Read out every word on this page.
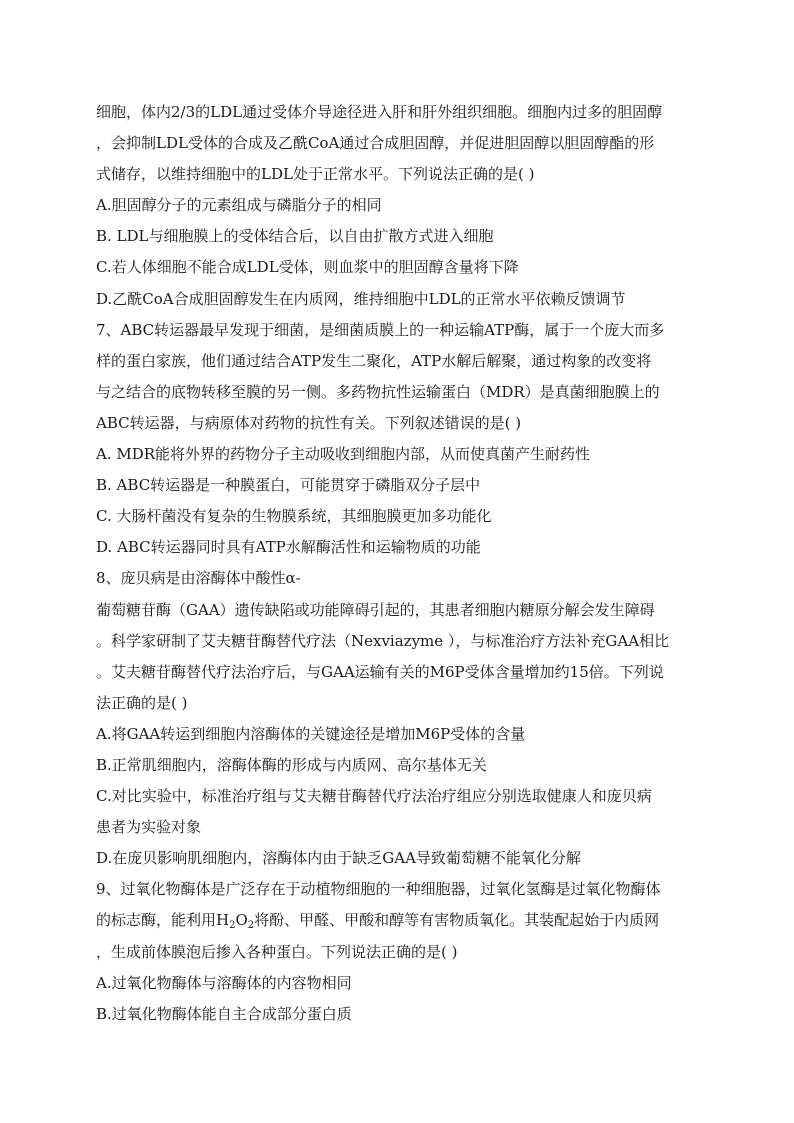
细胞，体内2/3的LDL通过受体介导途径进入肝和肝外组织细胞。细胞内过多的胆固醇
，会抑制LDL受体的合成及乙酰CoA通过合成胆固醇，并促进胆固醇以胆固醇酯的形
式储存，以维持细胞中的LDL处于正常水平。下列说法正确的是( )
A.胆固醇分子的元素组成与磷脂分子的相同
B. LDL与细胞膜上的受体结合后，以自由扩散方式进入细胞
C.若人体细胞不能合成LDL受体，则血浆中的胆固醇含量将下降
D.乙酰CoA合成胆固醇发生在内质网，维持细胞中LDL的正常水平依赖反馈调节
7、ABC转运器最早发现于细菌，是细菌质膜上的一种运输ATP酶，属于一个庞大而多
样的蛋白家族，他们通过结合ATP发生二聚化，ATP水解后解聚，通过构象的改变将
与之结合的底物转移至膜的另一侧。多药物抗性运输蛋白（MDR）是真菌细胞膜上的
ABC转运器，与病原体对药物的抗性有关。下列叙述错误的是( )
A. MDR能将外界的药物分子主动吸收到细胞内部，从而使真菌产生耐药性
B. ABC转运器是一种膜蛋白，可能贯穿于磷脂双分子层中
C. 大肠杆菌没有复杂的生物膜系统，其细胞膜更加多功能化
D. ABC转运器同时具有ATP水解酶活性和运输物质的功能
8、庞贝病是由溶酶体中酸性α-
葡萄糖苷酶（GAA）遗传缺陷或功能障碍引起的，其患者细胞内糖原分解会发生障碍
。科学家研制了艾夫糖苷酶替代疗法（Nexviazyme ），与标准治疗方法补充GAA相比
。艾夫糖苷酶替代疗法治疗后，与GAA运输有关的M6P受体含量增加约15倍。下列说
法正确的是( )
A.将GAA转运到细胞内溶酶体的关键途径是增加M6P受体的含量
B.正常肌细胞内，溶酶体酶的形成与内质网、高尔基体无关
C.对比实验中，标准治疗组与艾夫糖苷酶替代疗法治疗组应分别选取健康人和庞贝病
患者为实验对象
D.在庞贝影响肌细胞内，溶酶体内由于缺乏GAA导致葡萄糖不能氧化分解
9、过氧化物酶体是广泛存在于动植物细胞的一种细胞器，过氧化氢酶是过氧化物酶体
的标志酶，能利用$H_2O_2$将酚、甲醛、甲酸和醇等有害物质氧化。其装配起始于内质网
，生成前体膜泡后掺入各种蛋白。下列说法正确的是( )
A.过氧化物酶体与溶酶体的内容物相同
B.过氧化物酶体能自主合成部分蛋白质
